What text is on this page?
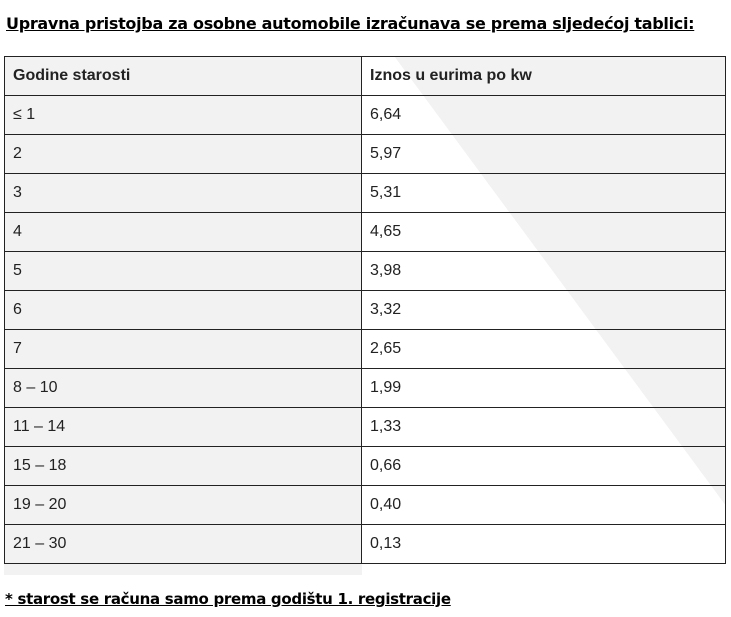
Upravna pristojba za osobne automobile izračunava se prema sljedećoj tablici:
Godine starosti	Iznos u eurima po kw
≤ 1	6,64
2	5,97
3	5,31
4	4,65
5	3,98
6	3,32
7	2,65
8 – 10	1,99
11 – 14	1,33
15 – 18	0,66
19 – 20	0,40
21 – 30	0,13
* starost se računa samo prema godištu 1. registracije
